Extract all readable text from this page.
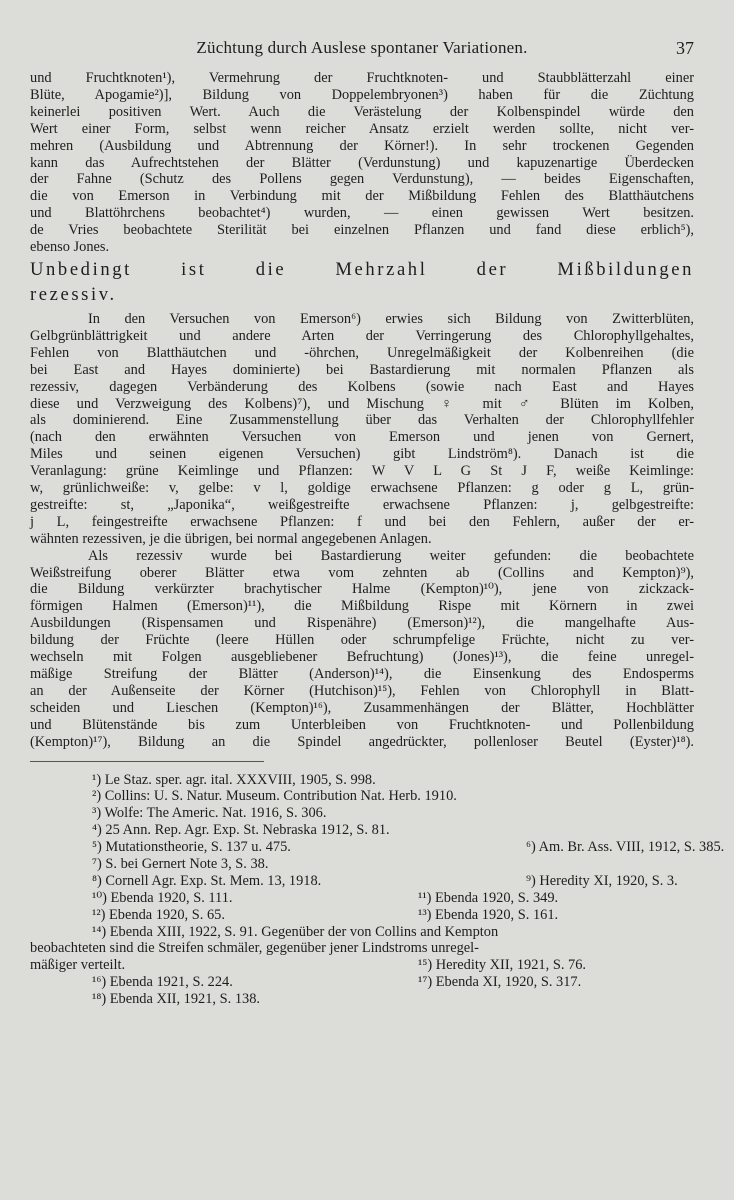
Züchtung durch Auslese spontaner Variationen.	37

und Fruchtknoten¹), Vermehrung der Fruchtknoten- und Staubblätterzahl einer

Blüte, Apogamie²)], Bildung von Doppelembryonen³) haben für die Züchtung

keinerlei positiven Wert. Auch die Verästelung der Kolbenspindel würde den

Wert einer Form, selbst wenn reicher Ansatz erzielt werden sollte, nicht ver-

mehren (Ausbildung und Abtrennung der Körner!). In sehr trockenen Gegenden

kann das Aufrechtstehen der Blätter (Verdunstung) und kapuzenartige Überdecken

der Fahne (Schutz des Pollens gegen Verdunstung), — beides Eigenschaften,

die von Emerson in Verbindung mit der Mißbildung Fehlen des Blatthäutchens

und Blattöhrchens beobachtet⁴) wurden, — einen gewissen Wert besitzen.

de Vries beobachtete Sterilität bei einzelnen Pflanzen und fand diese erblich⁵),

ebenso Jones.

Unbedingt ist die Mehrzahl der Mißbildungen

rezessiv.

In den Versuchen von Emerson⁶) erwies sich Bildung von Zwitterblüten,

Gelbgrünblättrigkeit und andere Arten der Verringerung des Chlorophyllgehaltes,

Fehlen von Blatthäutchen und -öhrchen, Unregelmäßigkeit der Kolbenreihen (die

bei East and Hayes dominierte) bei Bastardierung mit normalen Pflanzen als

rezessiv, dagegen Verbänderung des Kolbens (sowie nach East and Hayes

diese und Verzweigung des Kolbens)⁷), und Mischung ♀ mit ♂ Blüten im Kolben,

als dominierend. Eine Zusammenstellung über das Verhalten der Chlorophyllfehler

(nach den erwähnten Versuchen von Emerson und jenen von Gernert,

Miles und seinen eigenen Versuchen) gibt Lindström⁸). Danach ist die

Veranlagung: grüne Keimlinge und Pflanzen: W V L G St J F, weiße Keimlinge:

w, grünlichweiße: v, gelbe: v l, goldige erwachsene Pflanzen: g oder g L, grün-

gestreifte: st, „Japonika“, weißgestreifte erwachsene Pflanzen: j, gelbgestreifte:

j L, feingestreifte erwachsene Pflanzen: f und bei den Fehlern, außer der er-

wähnten rezessiven, je die übrigen, bei normal angegebenen Anlagen.

Als rezessiv wurde bei Bastardierung weiter gefunden: die beobachtete

Weißstreifung oberer Blätter etwa vom zehnten ab (Collins and Kempton)⁹),

die Bildung verkürzter brachytischer Halme (Kempton)¹⁰), jene von zickzack-

förmigen Halmen (Emerson)¹¹), die Mißbildung Rispe mit Körnern in zwei

Ausbildungen (Rispensamen und Rispenähre) (Emerson)¹²), die mangelhafte Aus-

bildung der Früchte (leere Hüllen oder schrumpfelige Früchte, nicht zu ver-

wechseln mit Folgen ausgebliebener Befruchtung) (Jones)¹³), die feine unregel-

mäßige Streifung der Blätter (Anderson)¹⁴), die Einsenkung des Endosperms

an der Außenseite der Körner (Hutchison)¹⁵), Fehlen von Chlorophyll in Blatt-

scheiden und Lieschen (Kempton)¹⁶), Zusammenhängen der Blätter, Hochblätter

und Blütenstände bis zum Unterbleiben von Fruchtknoten- und Pollenbildung

(Kempton)¹⁷), Bildung an die Spindel angedrückter, pollenloser Beutel (Eyster)¹⁸).

¹) Le Staz. sper. agr. ital. XXXVIII, 1905, S. 998.
²) Collins: U. S. Natur. Museum. Contribution Nat. Herb. 1910.
³) Wolfe: The Americ. Nat. 1916, S. 306.
⁴) 25 Ann. Rep. Agr. Exp. St. Nebraska 1912, S. 81.
⁵) Mutationstheorie, S. 137 u. 475.	⁶) Am. Br. Ass. VIII, 1912, S. 385.
⁷) S. bei Gernert Note 3, S. 38.
⁸) Cornell Agr. Exp. St. Mem. 13, 1918.	⁹) Heredity XI, 1920, S. 3.
¹⁰) Ebenda 1920, S. 111.	¹¹) Ebenda 1920, S. 349.
¹²) Ebenda 1920, S. 65.	¹³) Ebenda 1920, S. 161.
¹⁴) Ebenda XIII, 1922, S. 91. Gegenüber der von Collins and Kempton
beobachteten sind die Streifen schmäler, gegenüber jener Lindstroms unregel-
mäßiger verteilt.	¹⁵) Heredity XII, 1921, S. 76.
¹⁶) Ebenda 1921, S. 224.	¹⁷) Ebenda XI, 1920, S. 317.
¹⁸) Ebenda XII, 1921, S. 138.
